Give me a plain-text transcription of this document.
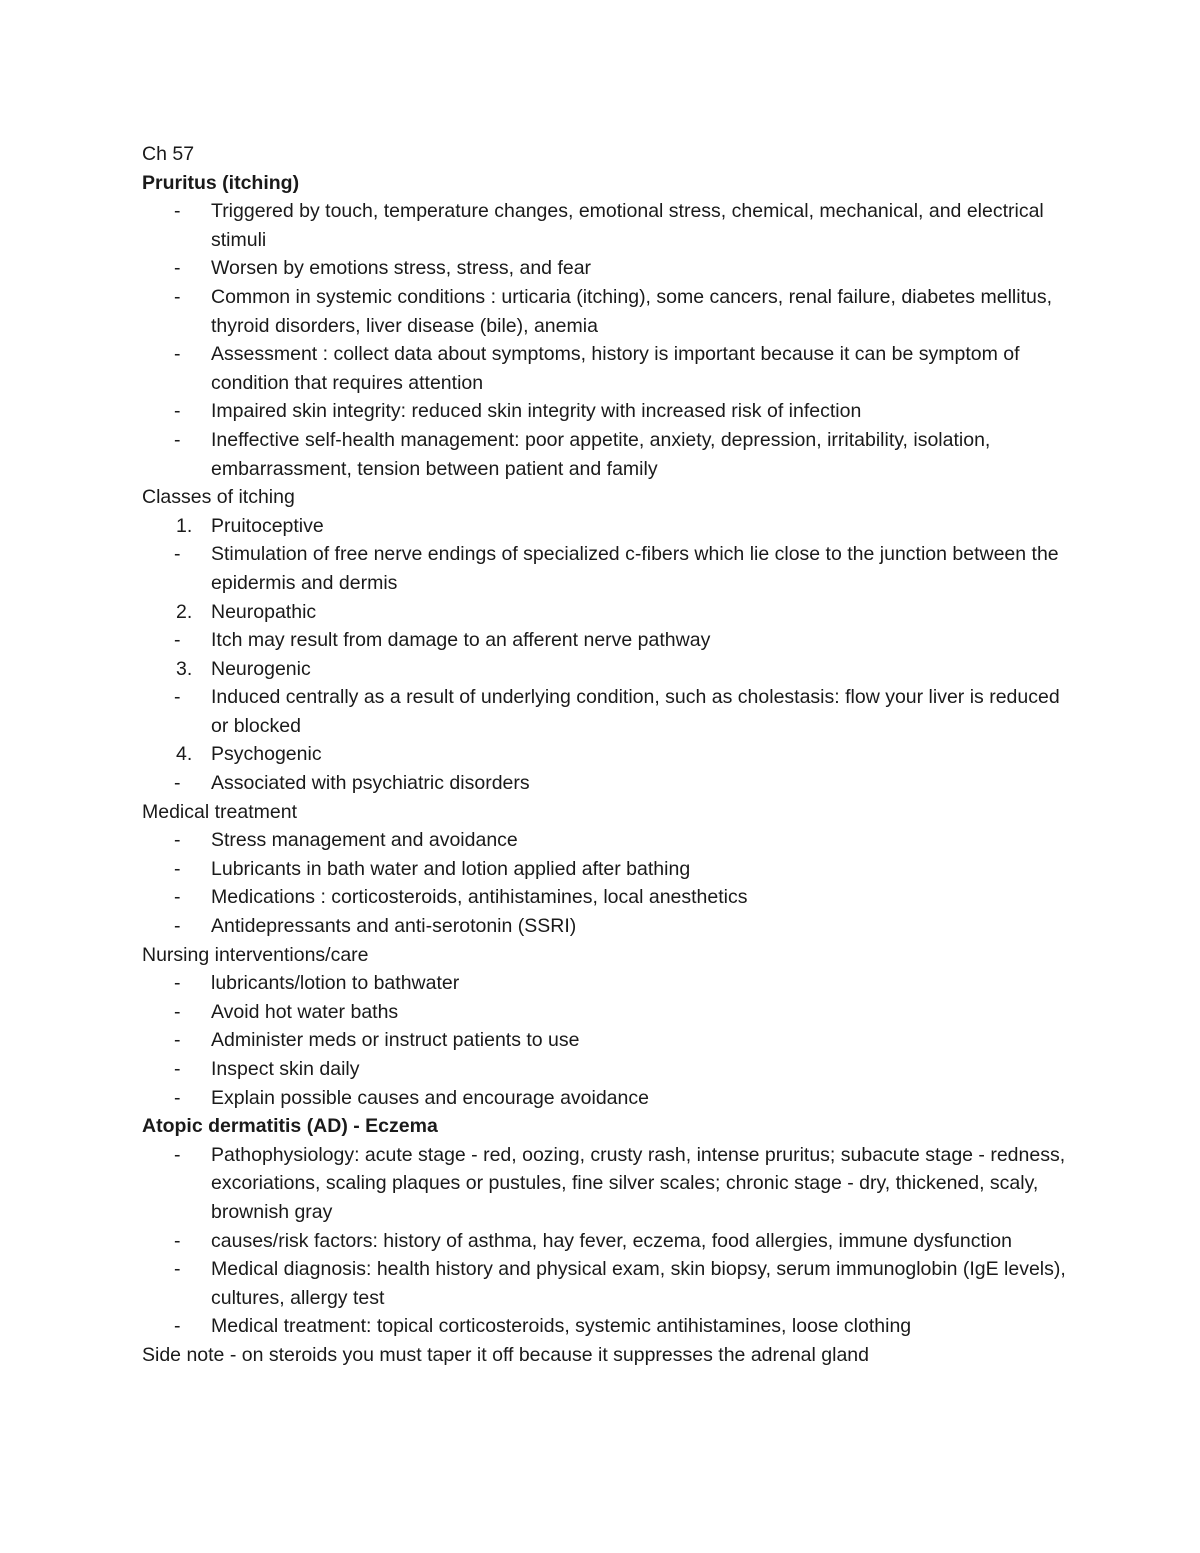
Ch 57

Pruritus (itching)

-	Triggered by touch, temperature changes, emotional stress, chemical, mechanical, and electrical stimuli
-	Worsen by emotions stress, stress, and fear
-	Common in systemic conditions : urticaria (itching), some cancers, renal failure, diabetes mellitus, thyroid disorders, liver disease (bile), anemia
-	Assessment : collect data about symptoms, history is important because it can be symptom of condition that requires attention
-	Impaired skin integrity: reduced skin integrity with increased risk of infection
-	Ineffective self-health management: poor appetite, anxiety, depression, irritability, isolation, embarrassment, tension between patient and family

Classes of itching

1. Pruitoceptive
-	Stimulation of free nerve endings of specialized c-fibers which lie close to the junction between the epidermis and dermis
2. Neuropathic
-	Itch may result from damage to an afferent nerve pathway
3. Neurogenic
-	Induced centrally as a result of underlying condition, such as cholestasis: flow your liver is reduced or blocked
4. Psychogenic
-	Associated with psychiatric disorders

Medical treatment

-	Stress management and avoidance
-	Lubricants in bath water and lotion applied after bathing
-	Medications : corticosteroids, antihistamines, local anesthetics
-	Antidepressants and anti-serotonin (SSRI)

Nursing interventions/care

-	lubricants/lotion to bathwater
-	Avoid hot water baths
-	Administer meds or instruct patients to use
-	Inspect skin daily
-	Explain possible causes and encourage avoidance

Atopic dermatitis (AD) - Eczema

-	Pathophysiology: acute stage - red, oozing, crusty rash, intense pruritus; subacute stage - redness, excoriations, scaling plaques or pustules, fine silver scales; chronic stage - dry, thickened, scaly, brownish gray
-	causes/risk factors: history of asthma, hay fever, eczema, food allergies, immune dysfunction
-	Medical diagnosis: health history and physical exam, skin biopsy, serum immunoglobin (IgE levels), cultures, allergy test
-	Medical treatment: topical corticosteroids, systemic antihistamines, loose clothing

Side note - on steroids you must taper it off because it suppresses the adrenal gland
